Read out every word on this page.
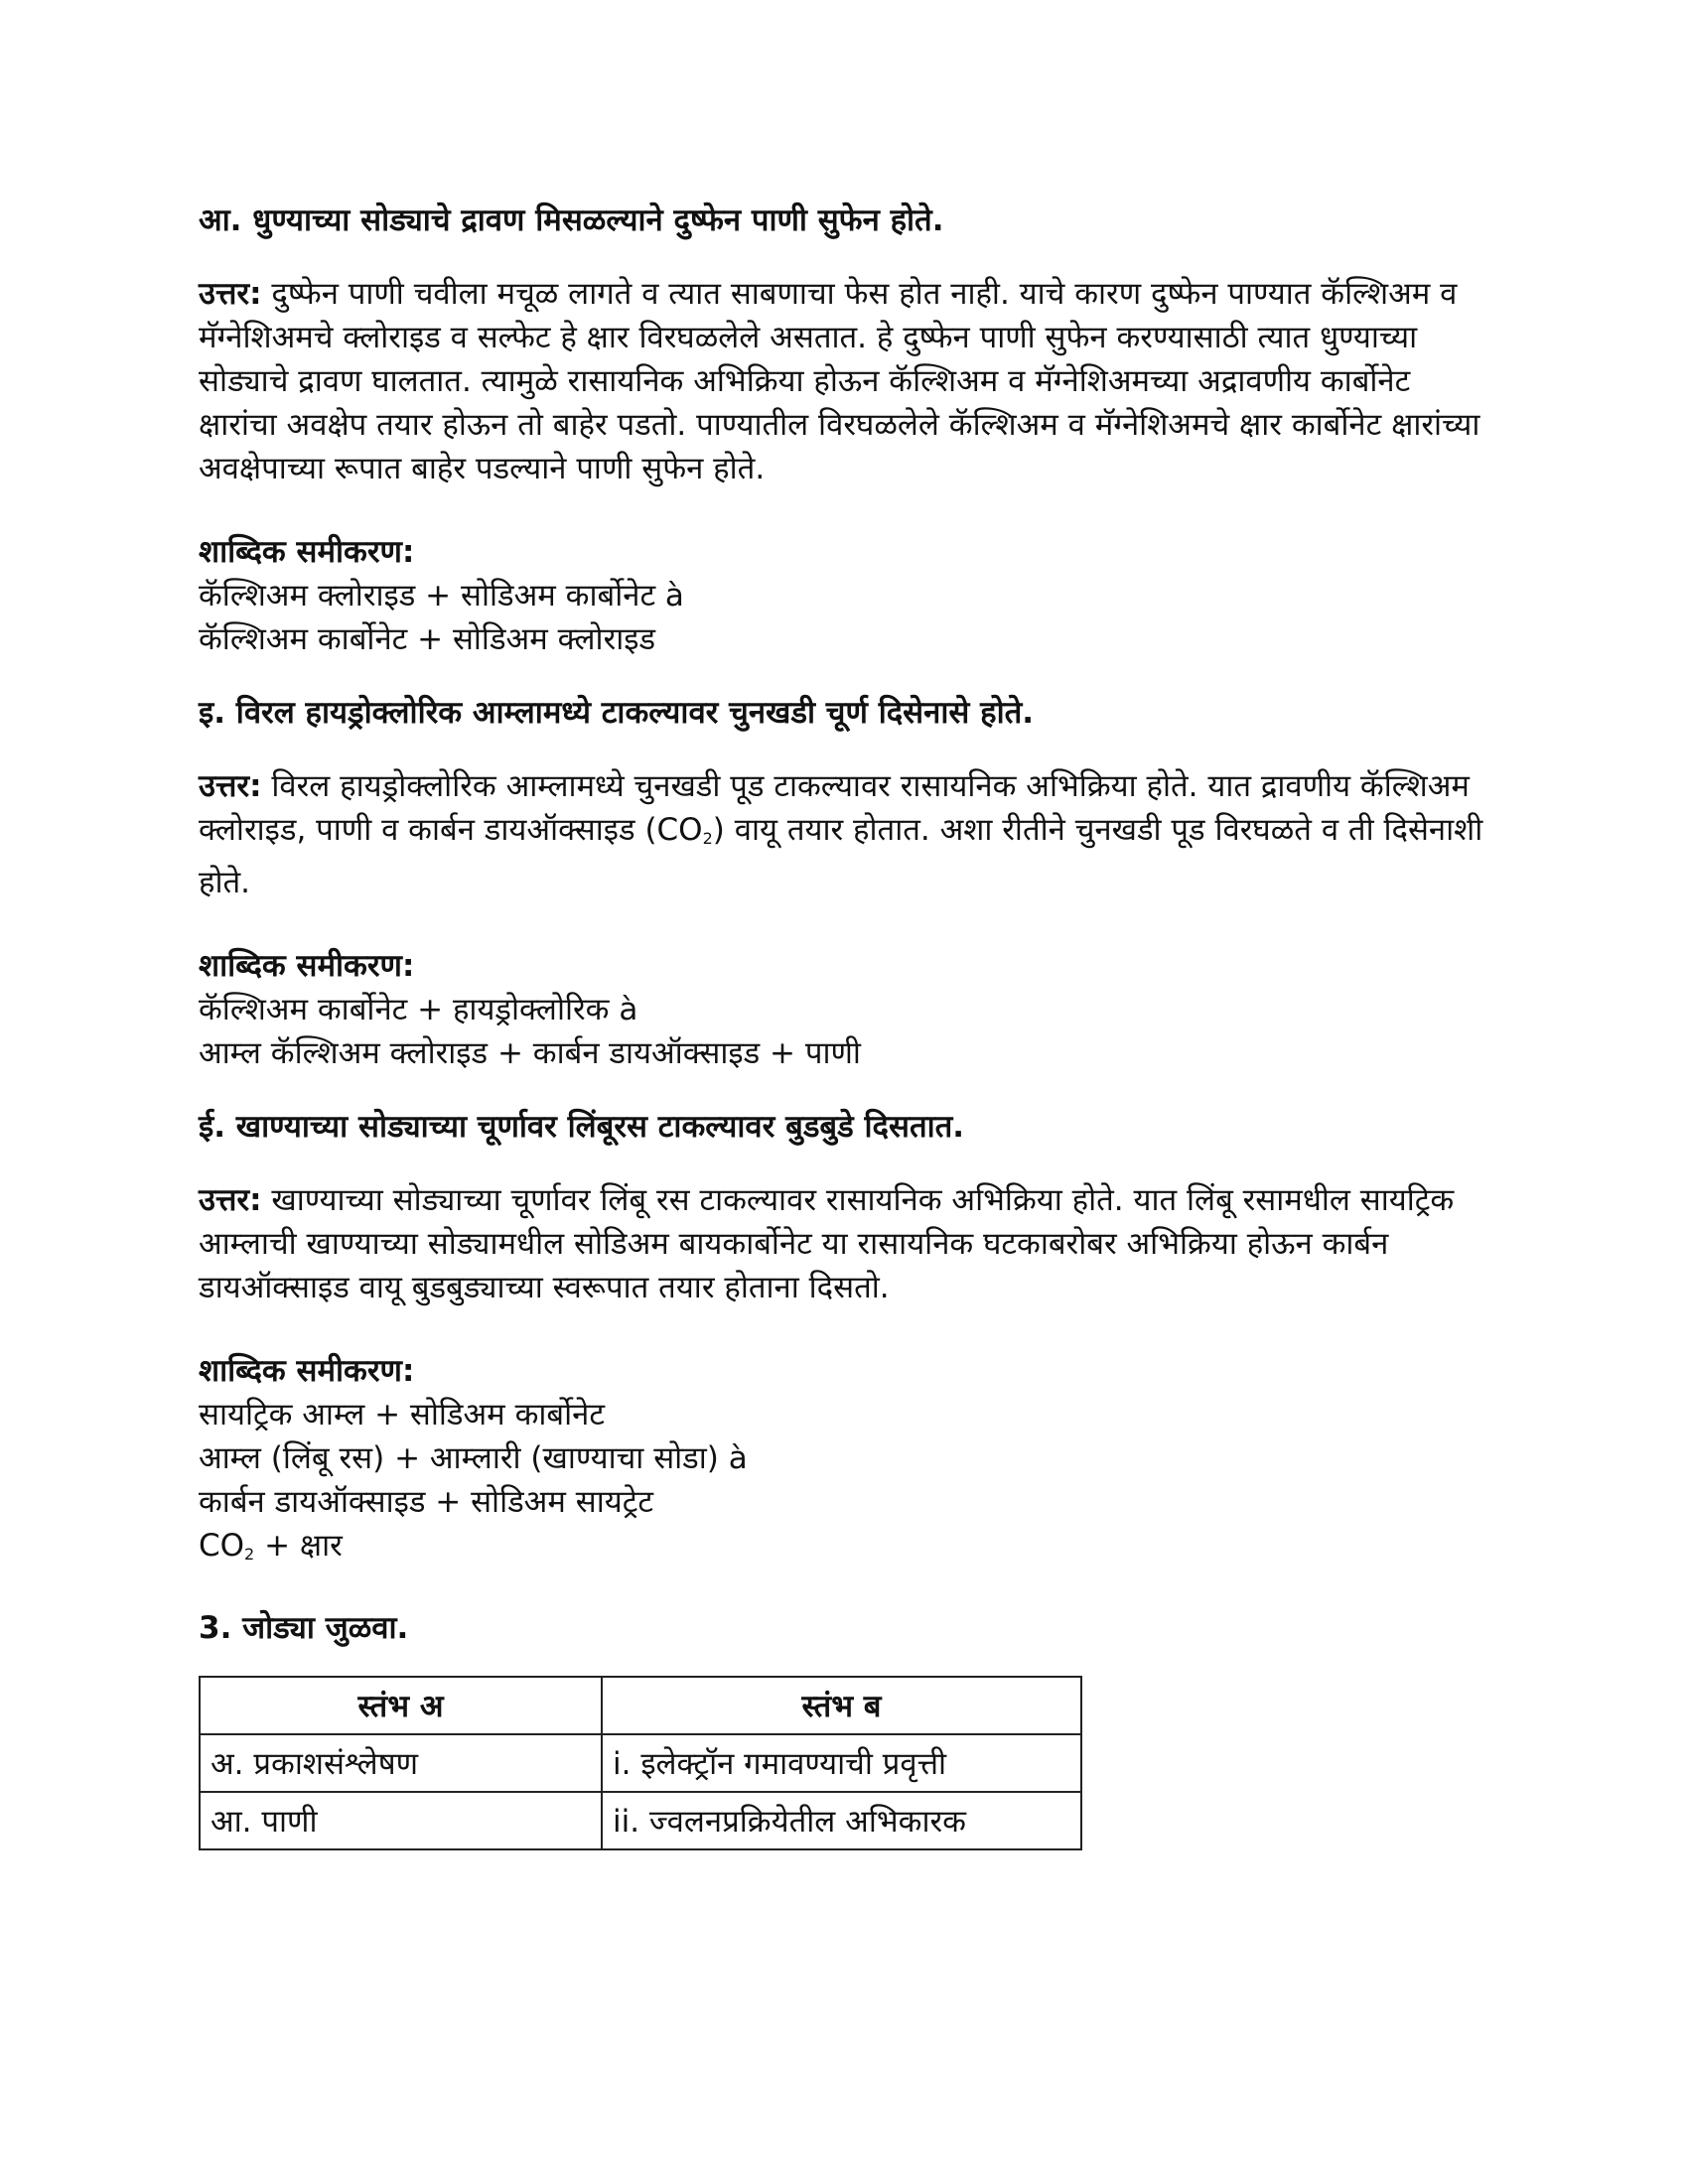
आ. धुण्याच्या सोड्याचे द्रावण मिसळल्याने दुष्फेन पाणी सुफेन होते.

उत्तर: दुष्फेन पाणी चवीला मचूळ लागते व त्यात साबणाचा फेस होत नाही. याचे कारण दुष्फेन पाण्यात कॅल्शिअम व मॅग्नेशिअमचे क्लोराइड व सल्फेट हे क्षार विरघळलेले असतात. हे दुष्फेन पाणी सुफेन करण्यासाठी त्यात धुण्याच्या सोड्याचे द्रावण घालतात. त्यामुळे रासायनिक अभिक्रिया होऊन कॅल्शिअम व मॅग्नेशिअमच्या अद्रावणीय कार्बोनेट क्षारांचा अवक्षेप तयार होऊन तो बाहेर पडतो. पाण्यातील विरघळलेले कॅल्शिअम व मॅग्नेशिअमचे क्षार कार्बोनेट क्षारांच्या अवक्षेपाच्या रूपात बाहेर पडल्याने पाणी सुफेन होते.

शाब्दिक समीकरण:

कॅल्शिअम क्लोराइड + सोडिअम कार्बोनेट à

कॅल्शिअम कार्बोनेट + सोडिअम क्लोराइड

इ. विरल हायड्रोक्लोरिक आम्लामध्ये टाकल्यावर चुनखडी चूर्ण दिसेनासे होते.

उत्तर: विरल हायड्रोक्लोरिक आम्लामध्ये चुनखडी पूड टाकल्यावर रासायनिक अभिक्रिया होते. यात द्रावणीय कॅल्शिअम क्लोराइड, पाणी व कार्बन डायऑक्साइड $(CO_2)$ वायू तयार होतात. अशा रीतीने चुनखडी पूड विरघळते व ती दिसेनाशी होते.

शाब्दिक समीकरण:

कॅल्शिअम कार्बोनेट + हायड्रोक्लोरिक à

आम्ल कॅल्शिअम क्लोराइड + कार्बन डायऑक्साइड + पाणी

ई. खाण्याच्या सोड्याच्या चूर्णावर लिंबूरस टाकल्यावर बुडबुडे दिसतात.

उत्तर: खाण्याच्या सोड्याच्या चूर्णावर लिंबू रस टाकल्यावर रासायनिक अभिक्रिया होते. यात लिंबू रसामधील सायट्रिक आम्लाची खाण्याच्या सोड्यामधील सोडिअम बायकार्बोनेट या रासायनिक घटकाबरोबर अभिक्रिया होऊन कार्बन डायऑक्साइड वायू बुडबुड्याच्या स्वरूपात तयार होताना दिसतो.

शाब्दिक समीकरण:

सायट्रिक आम्ल + सोडिअम कार्बोनेट

आम्ल (लिंबू रस) + आम्लारी (खाण्याचा सोडा) à

कार्बन डायऑक्साइड + सोडिअम सायट्रेट

$CO_2$ + क्षार

3. जोड्या जुळवा.

स्तंभ अ	स्तंभ ब
अ. प्रकाशसंश्लेषण	i. इलेक्ट्रॉन गमावण्याची प्रवृत्ती
आ. पाणी	ii. ज्वलनप्रक्रियेतील अभिकारक
